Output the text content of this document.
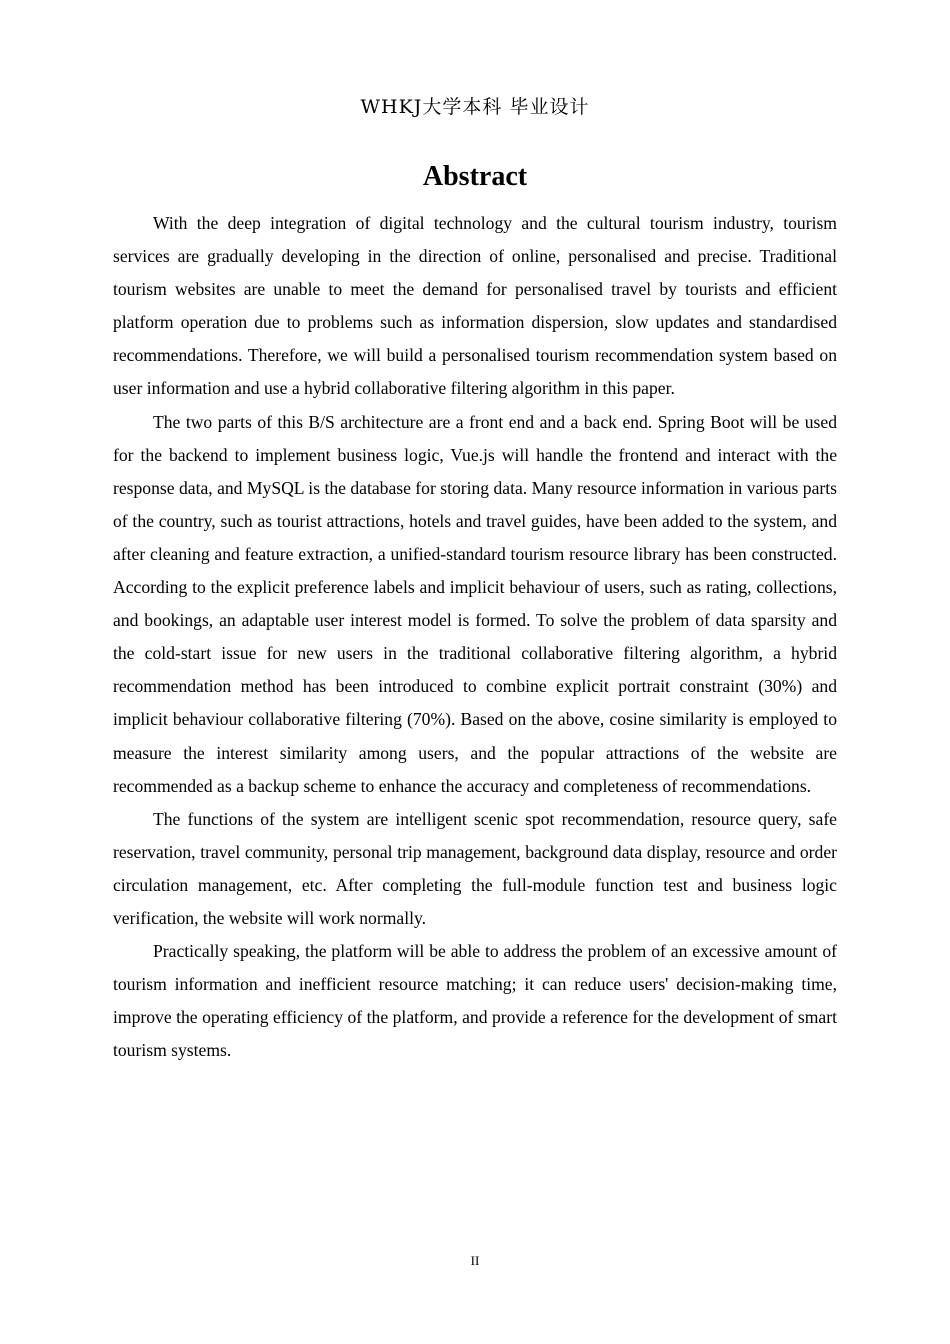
WHKJ大学本科 毕业设计
Abstract

With the deep integration of digital technology and the cultural tourism industry, tourism services are gradually developing in the direction of online, personalised and precise. Traditional tourism websites are unable to meet the demand for personalised travel by tourists and efficient platform operation due to problems such as information dispersion, slow updates and standardised recommendations. Therefore, we will build a personalised tourism recommendation system based on user information and use a hybrid collaborative filtering algorithm in this paper.

The two parts of this B/S architecture are a front end and a back end. Spring Boot will be used for the backend to implement business logic, Vue.js will handle the frontend and interact with the response data, and MySQL is the database for storing data. Many resource information in various parts of the country, such as tourist attractions, hotels and travel guides, have been added to the system, and after cleaning and feature extraction, a unified-standard tourism resource library has been constructed. According to the explicit preference labels and implicit behaviour of users, such as rating, collections, and bookings, an adaptable user interest model is formed. To solve the problem of data sparsity and the cold-start issue for new users in the traditional collaborative filtering algorithm, a hybrid recommendation method has been introduced to combine explicit portrait constraint (30%) and implicit behaviour collaborative filtering (70%). Based on the above, cosine similarity is employed to measure the interest similarity among users, and the popular attractions of the website are recommended as a backup scheme to enhance the accuracy and completeness of recommendations.

The functions of the system are intelligent scenic spot recommendation, resource query, safe reservation, travel community, personal trip management, background data display, resource and order circulation management, etc. After completing the full-module function test and business logic verification, the website will work normally.

Practically speaking, the platform will be able to address the problem of an excessive amount of tourism information and inefficient resource matching; it can reduce users' decision-making time, improve the operating efficiency of the platform, and provide a reference for the development of smart tourism systems.

II
